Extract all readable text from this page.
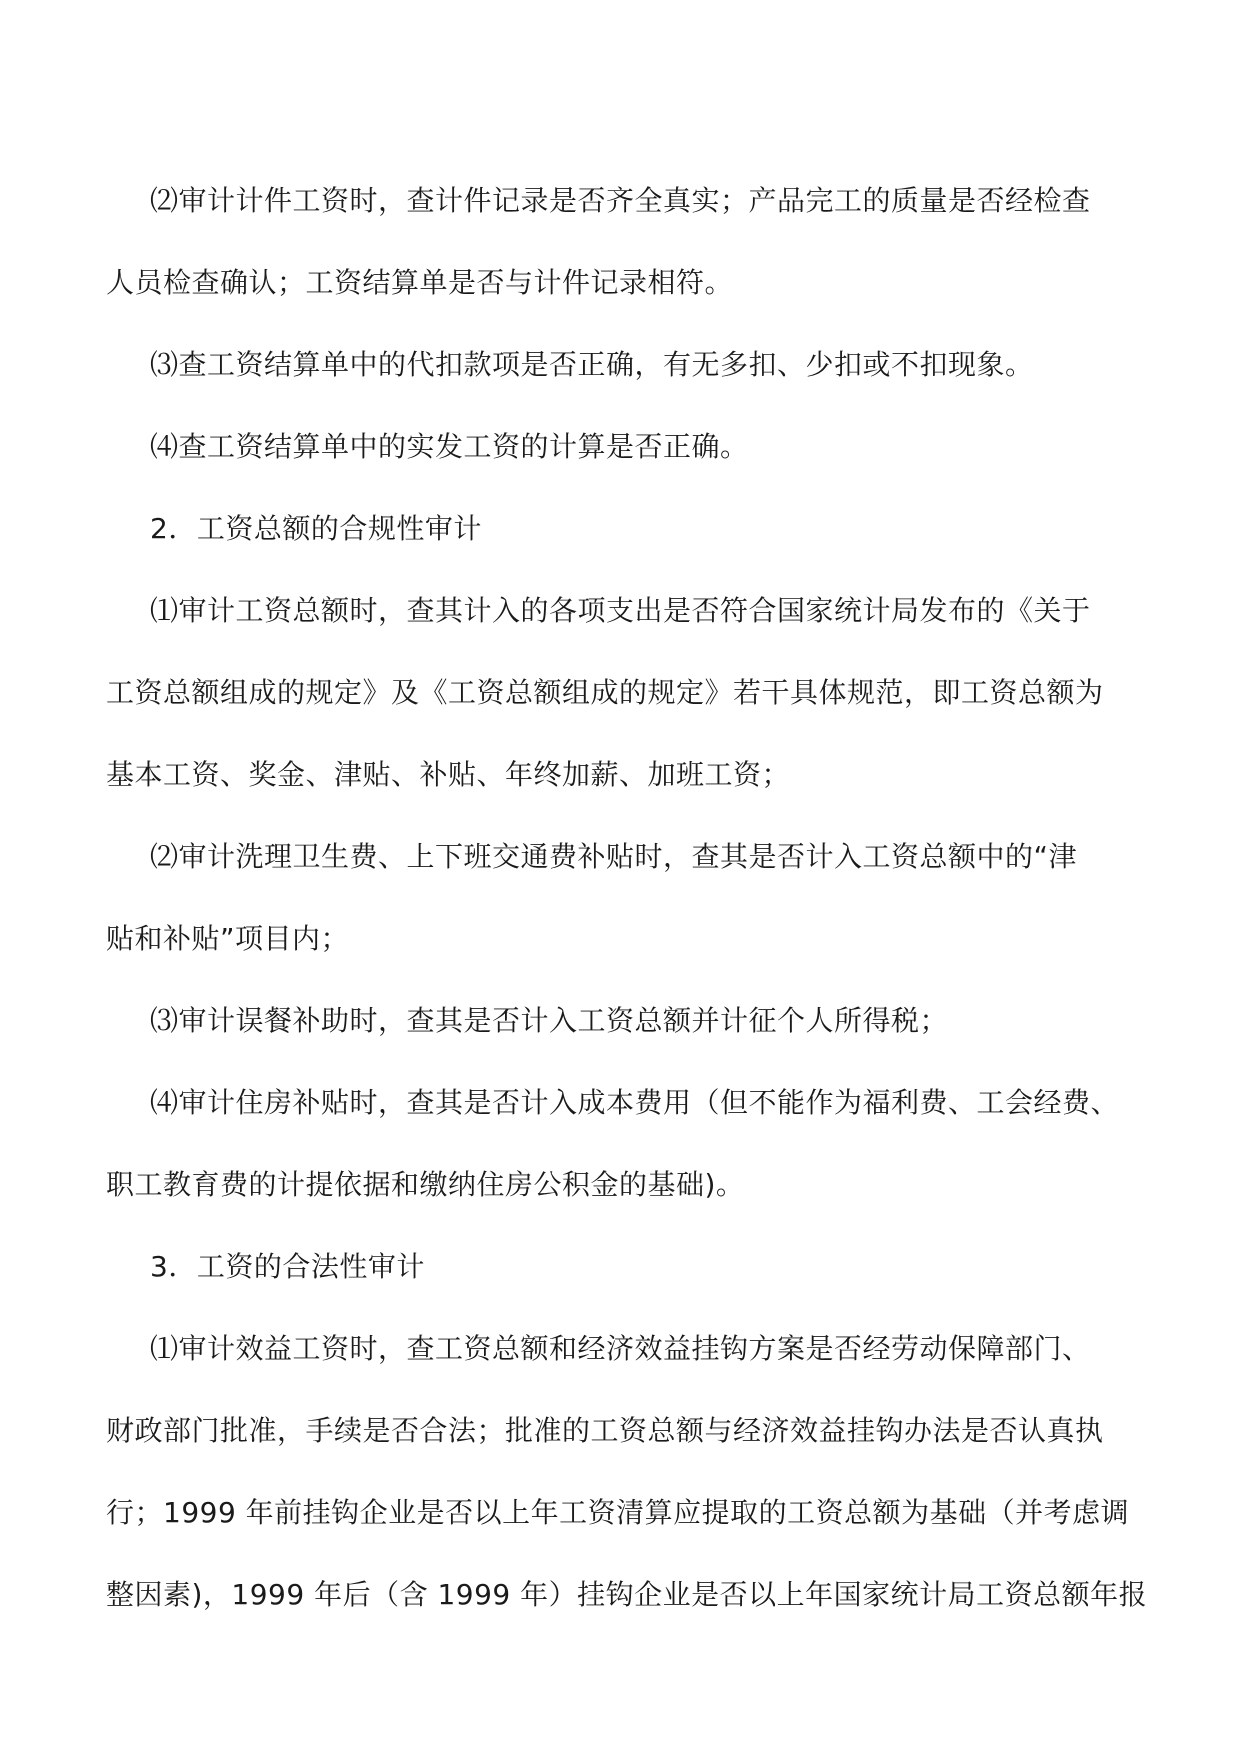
⑵审计计件工资时，查计件记录是否齐全真实；产品完工的质量是否经检查

人员检查确认；工资结算单是否与计件记录相符。

⑶查工资结算单中的代扣款项是否正确，有无多扣、少扣或不扣现象。

⑷查工资结算单中的实发工资的计算是否正确。

2．工资总额的合规性审计

⑴审计工资总额时，查其计入的各项支出是否符合国家统计局发布的《关于

工资总额组成的规定》及《工资总额组成的规定》若干具体规范，即工资总额为

基本工资、奖金、津贴、补贴、年终加薪、加班工资；

⑵审计洗理卫生费、上下班交通费补贴时，查其是否计入工资总额中的“津

贴和补贴”项目内；

⑶审计误餐补助时，查其是否计入工资总额并计征个人所得税；

⑷审计住房补贴时，查其是否计入成本费用（但不能作为福利费、工会经费、

职工教育费的计提依据和缴纳住房公积金的基础)。

3．工资的合法性审计

⑴审计效益工资时，查工资总额和经济效益挂钩方案是否经劳动保障部门、

财政部门批准，手续是否合法；批准的工资总额与经济效益挂钩办法是否认真执

行；1999 年前挂钩企业是否以上年工资清算应提取的工资总额为基础（并考虑调

整因素)，1999 年后（含 1999 年）挂钩企业是否以上年国家统计局工资总额年报
